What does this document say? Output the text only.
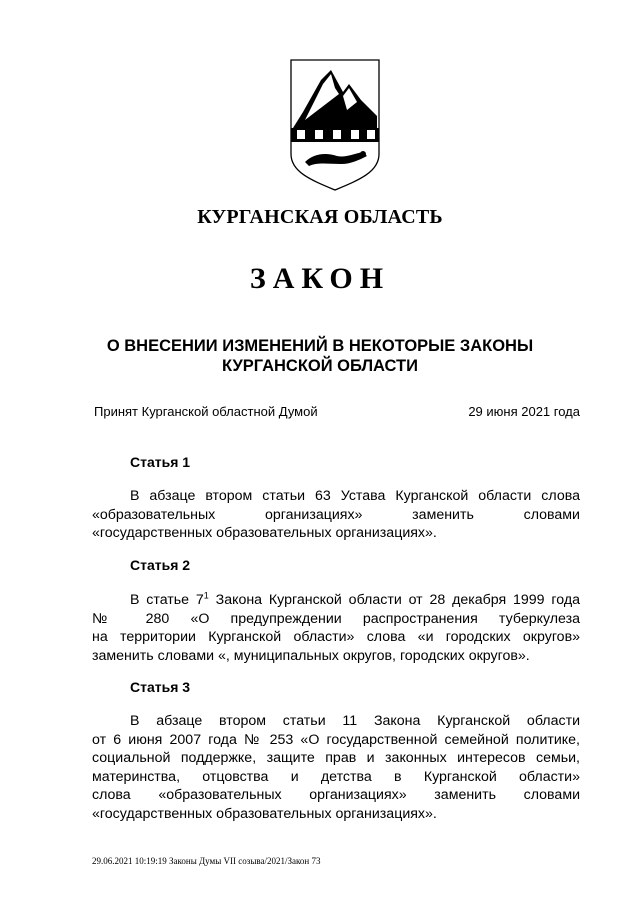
КУРГАНСКАЯ ОБЛАСТЬ
ЗАКОН
О ВНЕСЕНИИ ИЗМЕНЕНИЙ В НЕКОТОРЫЕ ЗАКОНЫ
КУРГАНСКОЙ ОБЛАСТИ
Принят Курганской областной Думой	29 июня 2021 года
Статья 1
В абзаце втором статьи 63 Устава Курганской области слова
«образовательных организациях» заменить словами
«государственных образовательных организациях».
Статья 2
В статье $7^1$ Закона Курганской области от 28 декабря 1999 года
№ 280 «О предупреждении распространения туберкулеза
на территории Курганской области» слова «и городских округов»
заменить словами «, муниципальных округов, городских округов».
Статья 3
В абзаце втором статьи 11 Закона Курганской области
от 6 июня 2007 года № 253 «О государственной семейной политике,
социальной поддержке, защите прав и законных интересов семьи,
материнства, отцовства и детства в Курганской области»
слова «образовательных организациях» заменить словами
«государственных образовательных организациях».
29.06.2021 10:19:19 Законы Думы VII созыва/2021/Закон 73
